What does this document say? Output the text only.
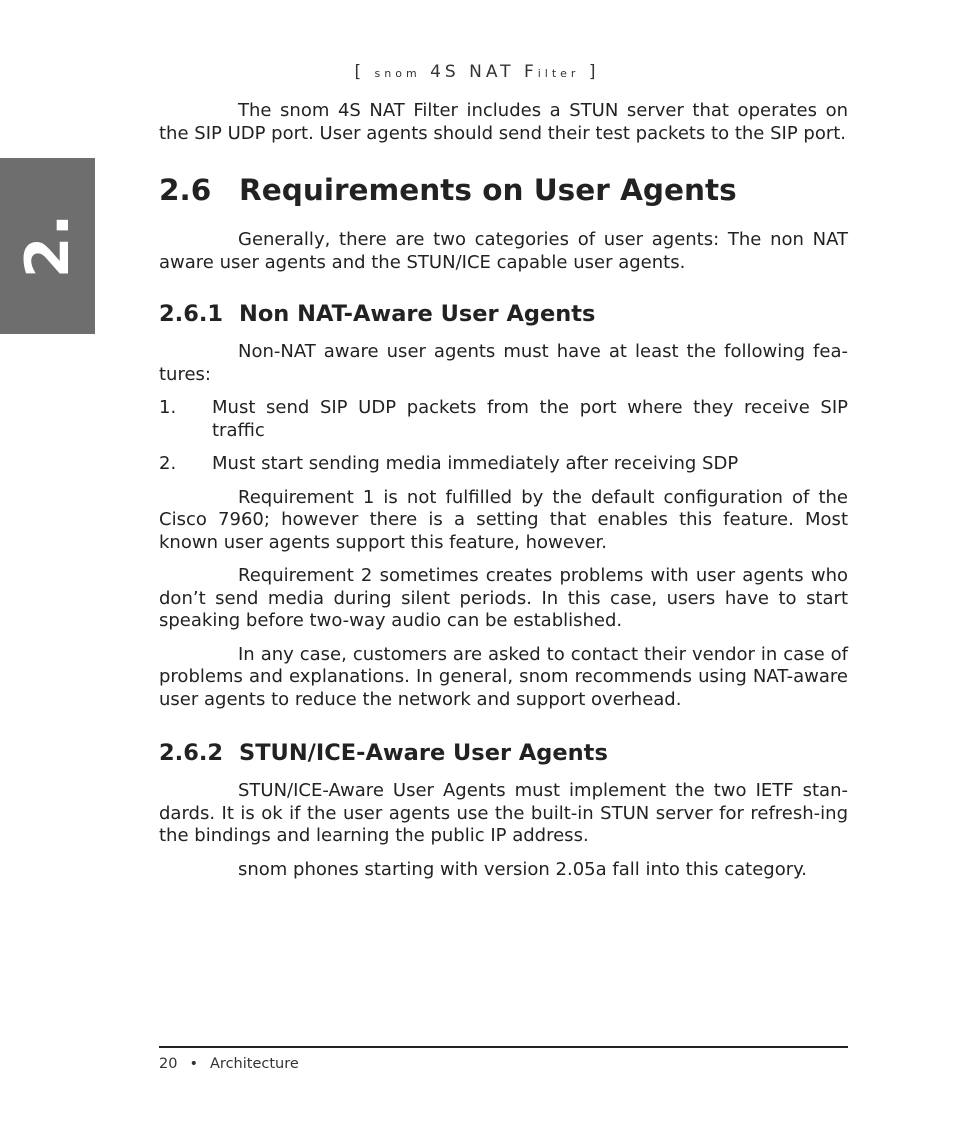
[ snom 4S NAT Filter ]
2.

The snom 4S NAT Filter includes a STUN server that operates on the SIP UDP port. User agents should send their test packets to the SIP port.

2.6 Requirements on User Agents

Generally, there are two categories of user agents: The non NAT aware user agents and the STUN/ICE capable user agents.

2.6.1 Non NAT-Aware User Agents

Non-NAT aware user agents must have at least the following fea-tures:

1.	Must send SIP UDP packets from the port where they receive SIP traffic
2.	Must start sending media immediately after receiving SDP

Requirement 1 is not fulfilled by the default configuration of the Cisco 7960; however there is a setting that enables this feature. Most known user agents support this feature, however.

Requirement 2 sometimes creates problems with user agents who don’t send media during silent periods. In this case, users have to start speaking before two-way audio can be established.

In any case, customers are asked to contact their vendor in case of problems and explanations. In general, snom recommends using NAT-aware user agents to reduce the network and support overhead.

2.6.2 STUN/ICE-Aware User Agents

STUN/ICE-Aware User Agents must implement the two IETF stan-dards. It is ok if the user agents use the built-in STUN server for refresh-ing the bindings and learning the public IP address.

snom phones starting with version 2.05a fall into this category.

20 • Architecture
